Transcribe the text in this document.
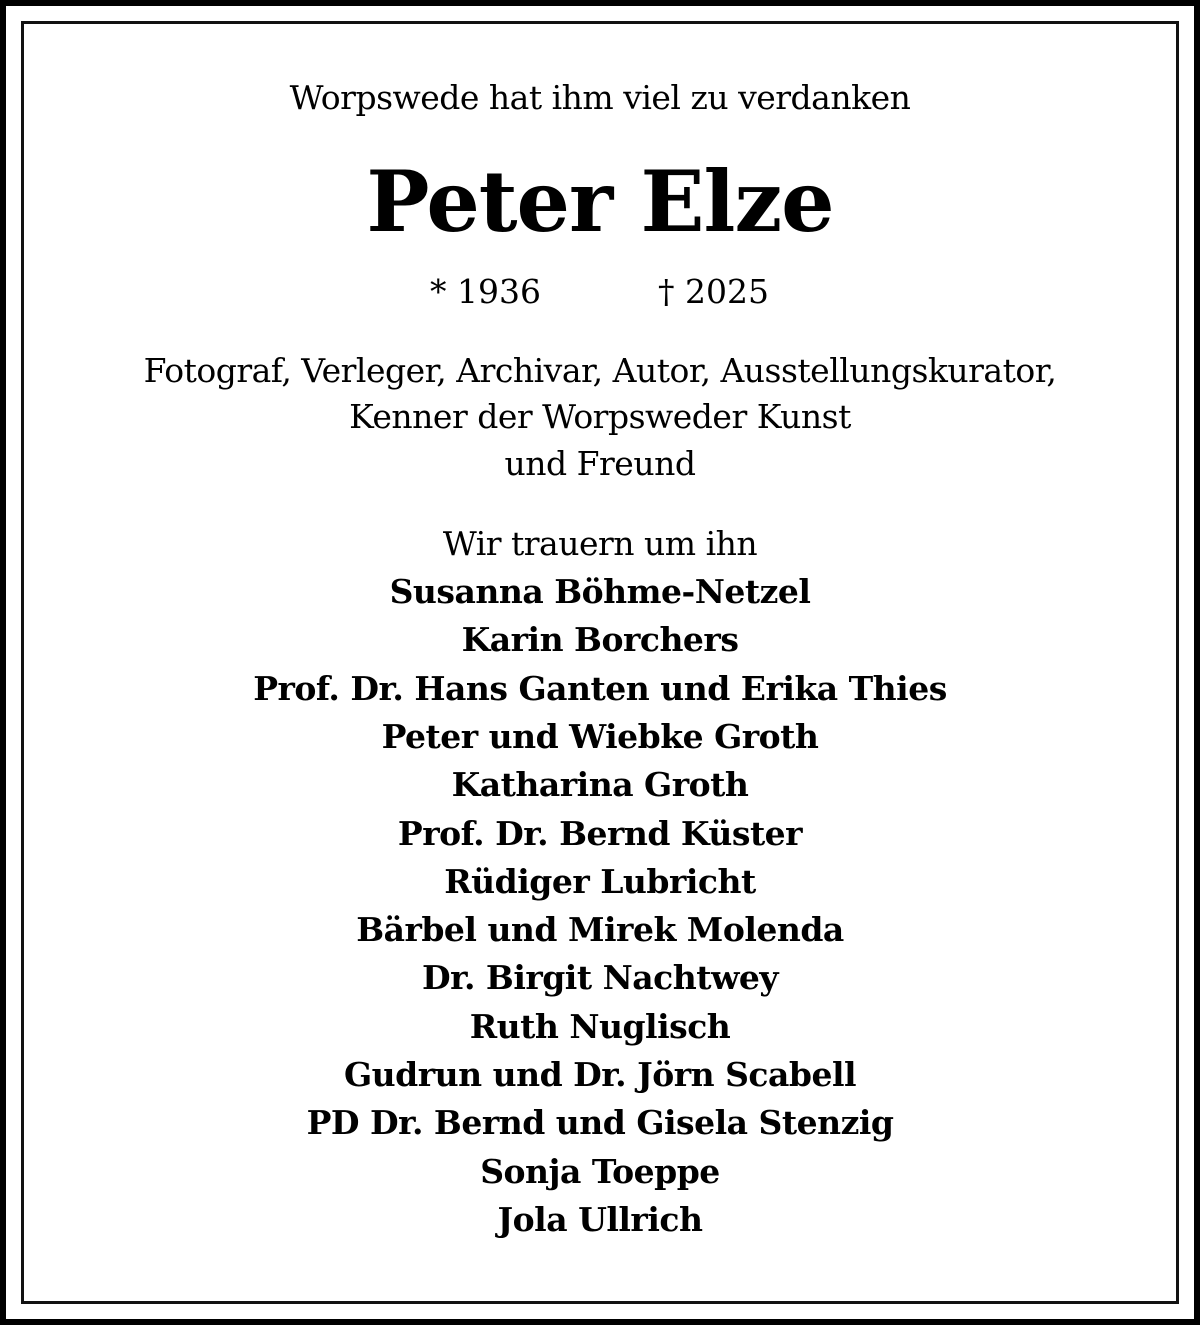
Worpswede hat ihm viel zu verdanken
Peter Elze
* 1936	† 2025
Fotograf, Verleger, Archivar, Autor, Ausstellungskurator,
Kenner der Worpsweder Kunst
und Freund
Wir trauern um ihn
Susanna Böhme-Netzel
Karin Borchers
Prof. Dr. Hans Ganten und Erika Thies
Peter und Wiebke Groth
Katharina Groth
Prof. Dr. Bernd Küster
Rüdiger Lubricht
Bärbel und Mirek Molenda
Dr. Birgit Nachtwey
Ruth Nuglisch
Gudrun und Dr. Jörn Scabell
PD Dr. Bernd und Gisela Stenzig
Sonja Toeppe
Jola Ullrich
